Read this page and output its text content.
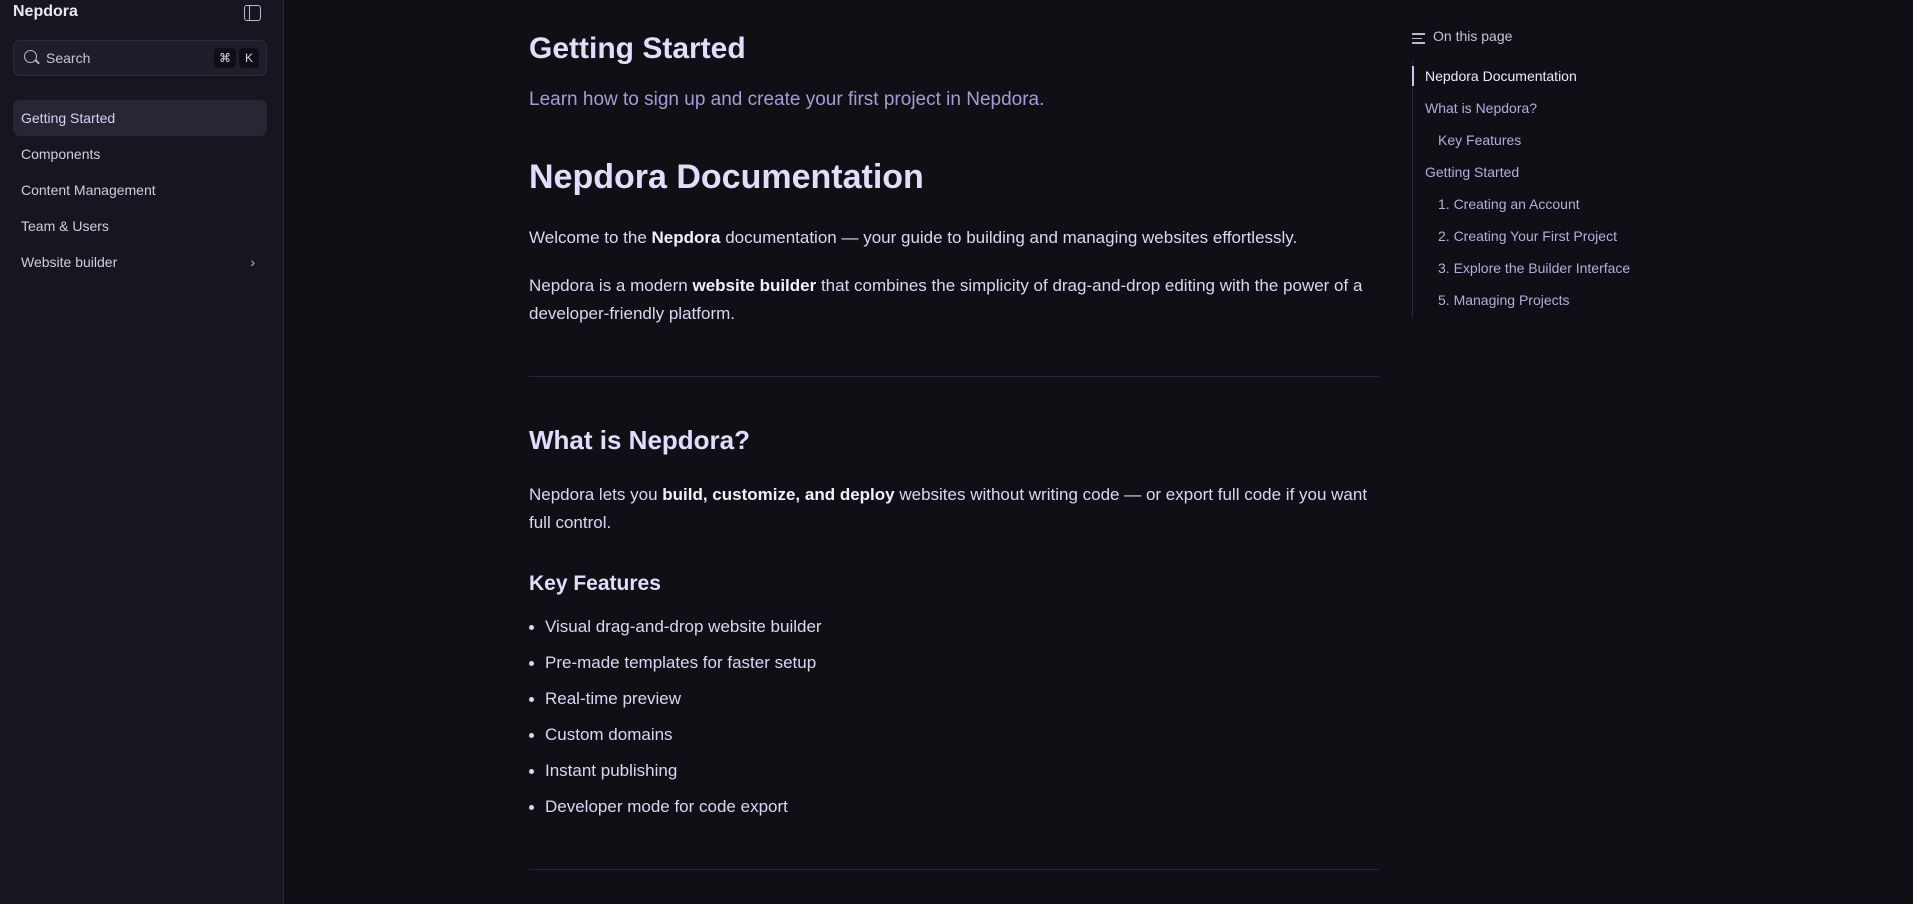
Nepdora
Search	⌘	K
Getting Started
Components
Content Management
Team & Users
Website builder	›
Getting Started
Learn how to sign up and create your first project in Nepdora.
Nepdora Documentation

Welcome to the Nepdora documentation — your guide to building and managing websites effortlessly.

Nepdora is a modern website builder that combines the simplicity of drag-and-drop editing with the power of a developer-friendly platform.

What is Nepdora?

Nepdora lets you build, customize, and deploy websites without writing code — or export full code if you want full control.

Key Features
Visual drag-and-drop website builder
Pre-made templates for faster setup
Real-time preview
Custom domains
Instant publishing
Developer mode for code export
On this page
Nepdora Documentation
What is Nepdora?
Key Features
Getting Started
1. Creating an Account
2. Creating Your First Project
3. Explore the Builder Interface
5. Managing Projects
